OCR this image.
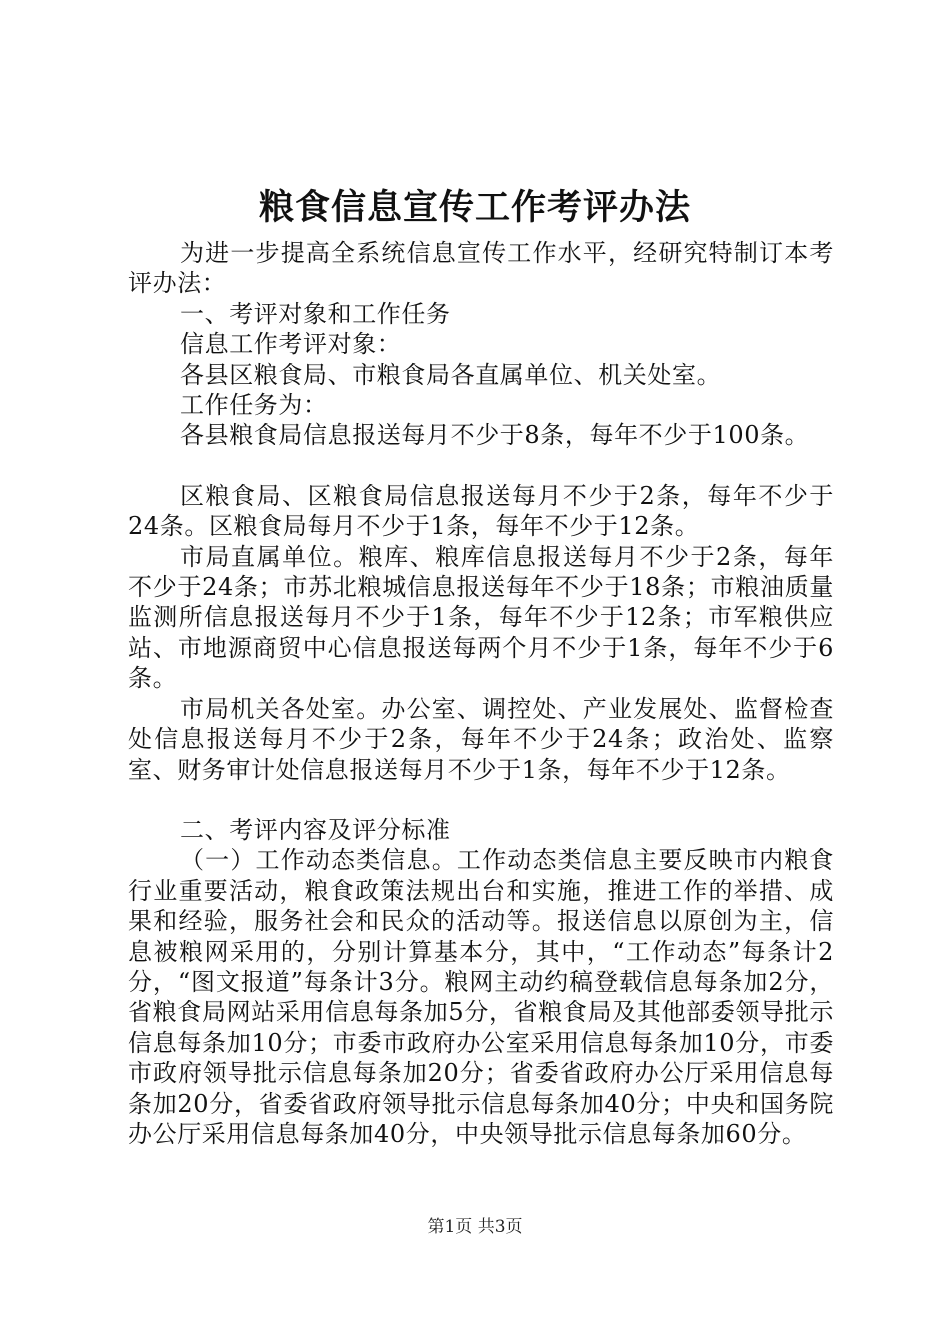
粮食信息宣传工作考评办法

为进一步提高全系统信息宣传工作水平，经研究特制订本考评办法：

一、考评对象和工作任务

信息工作考评对象：

各县区粮食局、市粮食局各直属单位、机关处室。

工作任务为：

各县粮食局信息报送每月不少于8条，每年不少于100条。

区粮食局、区粮食局信息报送每月不少于2条，每年不少于24条。区粮食局每月不少于1条，每年不少于12条。

市局直属单位。粮库、粮库信息报送每月不少于2条，每年不少于24条；市苏北粮城信息报送每年不少于18条；市粮油质量监测所信息报送每月不少于1条，每年不少于12条；市军粮供应站、市地源商贸中心信息报送每两个月不少于1条，每年不少于6条。

市局机关各处室。办公室、调控处、产业发展处、监督检查处信息报送每月不少于2条，每年不少于24条；政治处、监察室、财务审计处信息报送每月不少于1条，每年不少于12条。

二、考评内容及评分标准

（一）工作动态类信息。工作动态类信息主要反映市内粮食行业重要活动，粮食政策法规出台和实施，推进工作的举措、成果和经验，服务社会和民众的活动等。报送信息以原创为主，信息被粮网采用的，分别计算基本分，其中，“工作动态”每条计2分，“图文报道”每条计3分。粮网主动约稿登载信息每条加2分，省粮食局网站采用信息每条加5分，省粮食局及其他部委领导批示信息每条加10分；市委市政府办公室采用信息每条加10分，市委市政府领导批示信息每条加20分；省委省政府办公厅采用信息每条加20分，省委省政府领导批示信息每条加40分；中央和国务院办公厅采用信息每条加40分，中央领导批示信息每条加60分。

第1页 共3页
